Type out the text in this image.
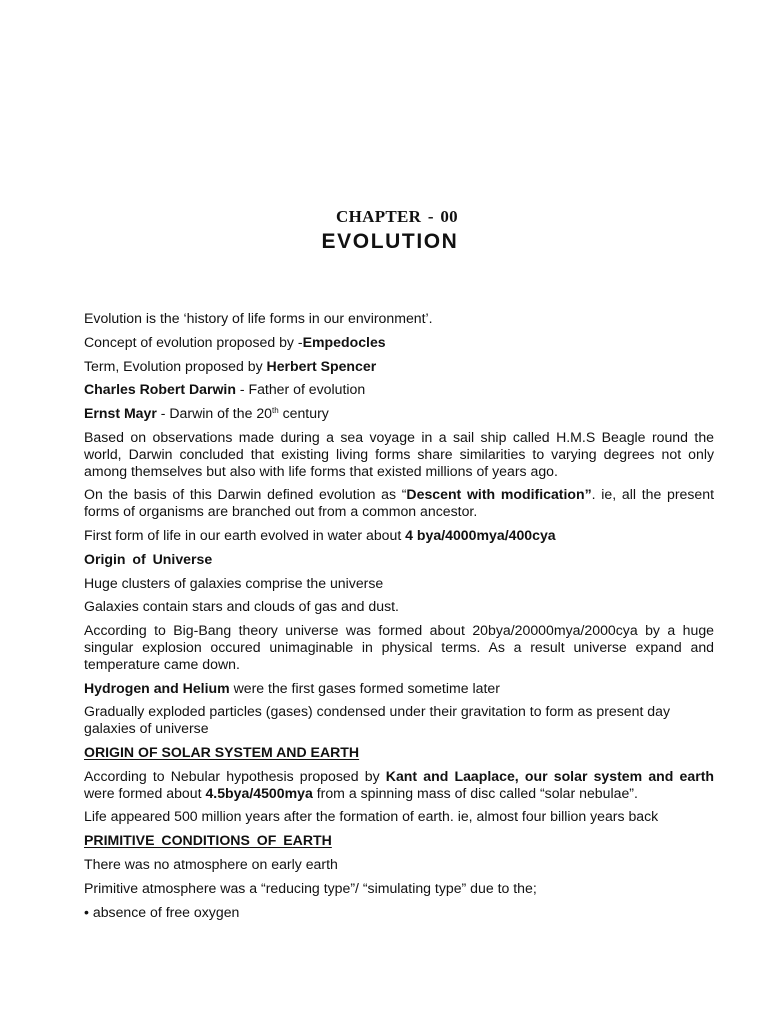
CHAPTER - 00
EVOLUTION

Evolution is the ‘history of life forms in our environment’.

Concept of evolution proposed by -Empedocles

Term, Evolution proposed by Herbert Spencer

Charles Robert Darwin - Father of evolution

Ernst Mayr - Darwin of the 20th century

Based on observations made during a sea voyage in a sail ship called H.M.S Beagle round the world, Darwin concluded that existing living forms share similarities to varying degrees not only among themselves but also with life forms that existed millions of years ago.

On the basis of this Darwin defined evolution as “Descent with modification”. ie, all the present forms of organisms are branched out from a common ancestor.

First form of life in our earth evolved in water about 4 bya/4000mya/400cya

Origin of Universe

Huge clusters of galaxies comprise the universe

Galaxies contain stars and clouds of gas and dust.

According to Big-Bang theory universe was formed about 20bya/20000mya/2000cya by a huge singular explosion occured unimaginable in physical terms. As a result universe expand and temperature came down.

Hydrogen and Helium were the first gases formed sometime later

Gradually exploded particles (gases) condensed under their gravitation to form as present day galaxies of universe

ORIGIN OF SOLAR SYSTEM AND EARTH

According to Nebular hypothesis proposed by Kant and Laaplace, our solar system and earth were formed about 4.5bya/4500mya from a spinning mass of disc called “solar nebulae”.

Life appeared 500 million years after the formation of earth. ie, almost four billion years back

PRIMITIVE CONDITIONS OF EARTH

There was no atmosphere on early earth

Primitive atmosphere was a “reducing type”/ “simulating type” due to the;

• absence of free oxygen
